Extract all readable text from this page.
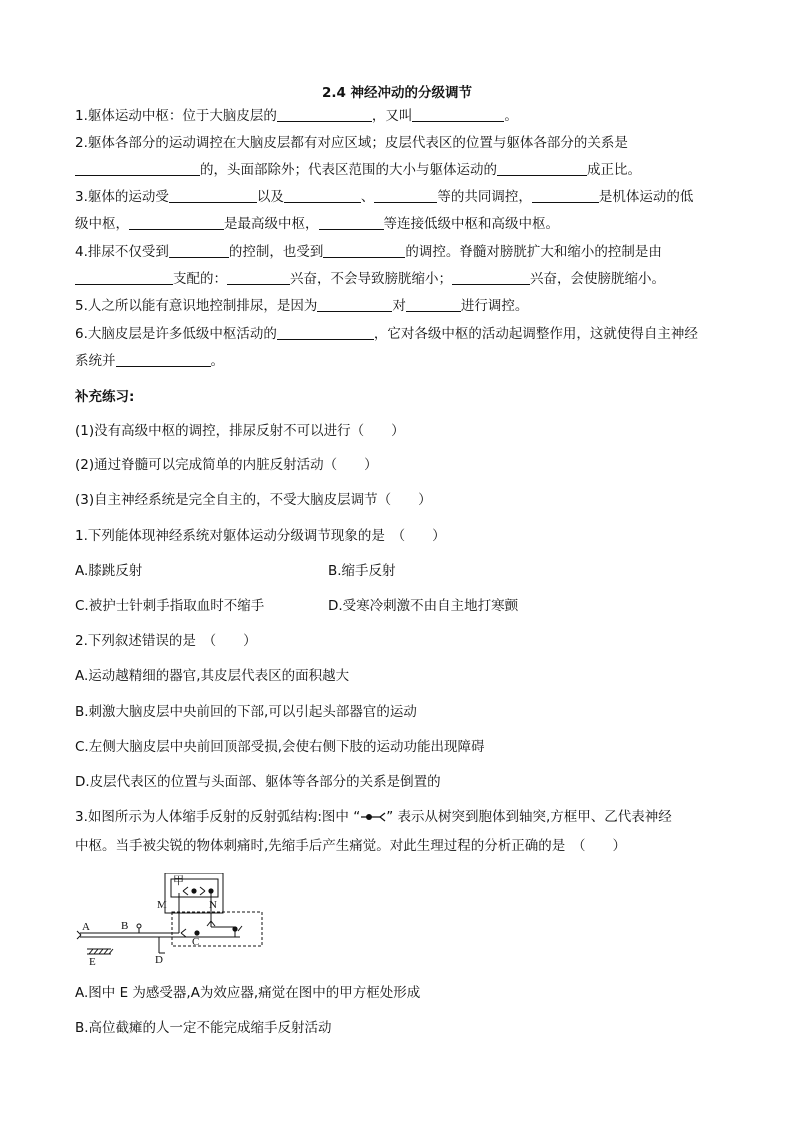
2.4 神经冲动的分级调节
1.躯体运动中枢：位于大脑皮层的	，又叫	。
2.躯体各部分的运动调控在大脑皮层都有对应区域；皮层代表区的位置与躯体各部分的关系是
的，头面部除外；代表区范围的大小与躯体运动的	成正比。
3.躯体的运动受	以及	、	等的共同调控，	是机体运动的低
级中枢，	是最高级中枢，	等连接低级中枢和高级中枢。
4.排尿不仅受到	的控制，也受到	的调控。脊髓对膀胱扩大和缩小的控制是由
支配的：	兴奋，不会导致膀胱缩小；	兴奋，会使膀胱缩小。
5.人之所以能有意识地控制排尿，是因为	对	进行调控。
6.大脑皮层是许多低级中枢活动的	，它对各级中枢的活动起调整作用，这就使得自主神经
系统并	。
补充练习:
(1)没有高级中枢的调控，排尿反射不可以进行（　　）
(2)通过脊髓可以完成简单的内脏反射活动（　　）
(3)自主神经系统是完全自主的，不受大脑皮层调节（　　）
1.下列能体现神经系统对躯体运动分级调节现象的是　（　　）
A.膝跳反射	B.缩手反射
C.被护士针刺手指取血时不缩手	D.受寒冷刺激不由自主地打寒颤
2.下列叙述错误的是　（　　）
A.运动越精细的器官,其皮层代表区的面积越大
B.刺激大脑皮层中央前回的下部,可以引起头部器官的运动
C.左侧大脑皮层中央前回顶部受损,会使右侧下肢的运动功能出现障碍
D.皮层代表区的位置与头面部、躯体等各部分的关系是倒置的
3.如图所示为人体缩手反射的反射弧结构:图中 “ ” 表示从树突到胞体到轴突,方框甲、乙代表神经
中枢。当手被尖锐的物体刺痛时,先缩手后产生痛觉。对此生理过程的分析正确的是　（　　）
甲
M	N
A	B
C
D
E
A.图中 E 为感受器,A为效应器,痛觉在图中的甲方框处形成
B.高位截瘫的人一定不能完成缩手反射活动
